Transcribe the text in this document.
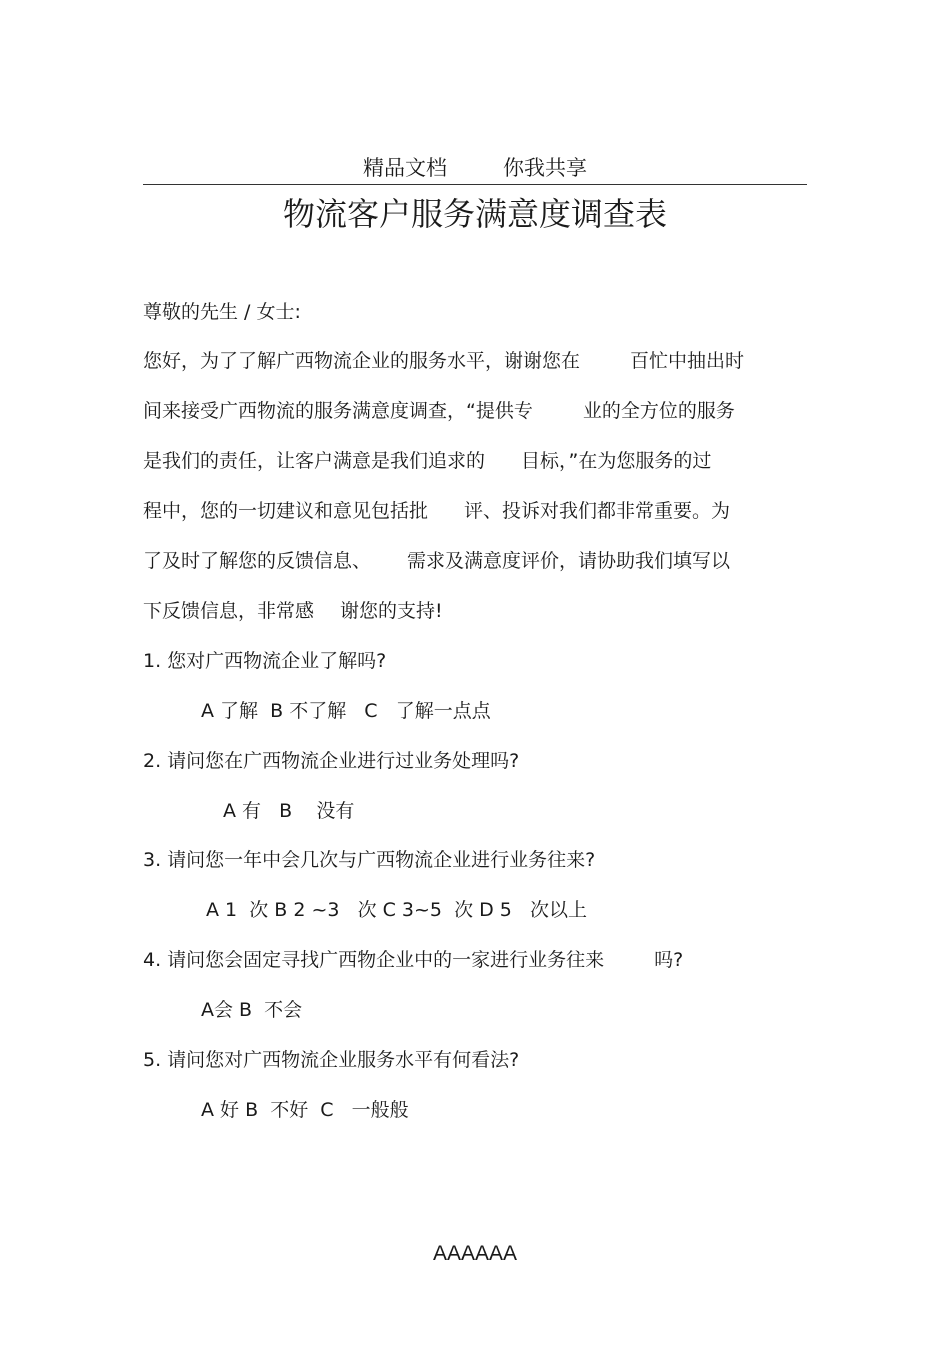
精品文档	你我共享
物流客户服务满意度调查表
尊敬的先生 / 女士:
您好，为了了解广西物流企业的服务水平，谢谢您在	百忙中抽出时
间来接受广西物流的服务满意度调查，“提供专	业的全方位的服务
是我们的责任，让客户满意是我们追求的 目标，”在为您服务的过
程中，您的一切建议和意见包括批 评、投诉对我们都非常重要。为
了及时了解您的反馈信息、 需求及满意度评价，请协助我们填写以
下反馈信息，非常感 谢您的支持!
1. 您对广西物流企业了解吗?
A 了解  B 不了解   C   了解一点点
2. 请问您在广西物流企业进行过业务处理吗?
A 有   B    没有
3. 请问您一年中会几次与广西物流企业进行业务往来?
A 1  次 B 2 ~3   次 C 3~5  次 D 5   次以上
4. 请问您会固定寻找广西物企业中的一家进行业务往来	吗?
A会 B  不会
5. 请问您对广西物流企业服务水平有何看法?
A 好 B  不好  C   一般般
AAAAAA
